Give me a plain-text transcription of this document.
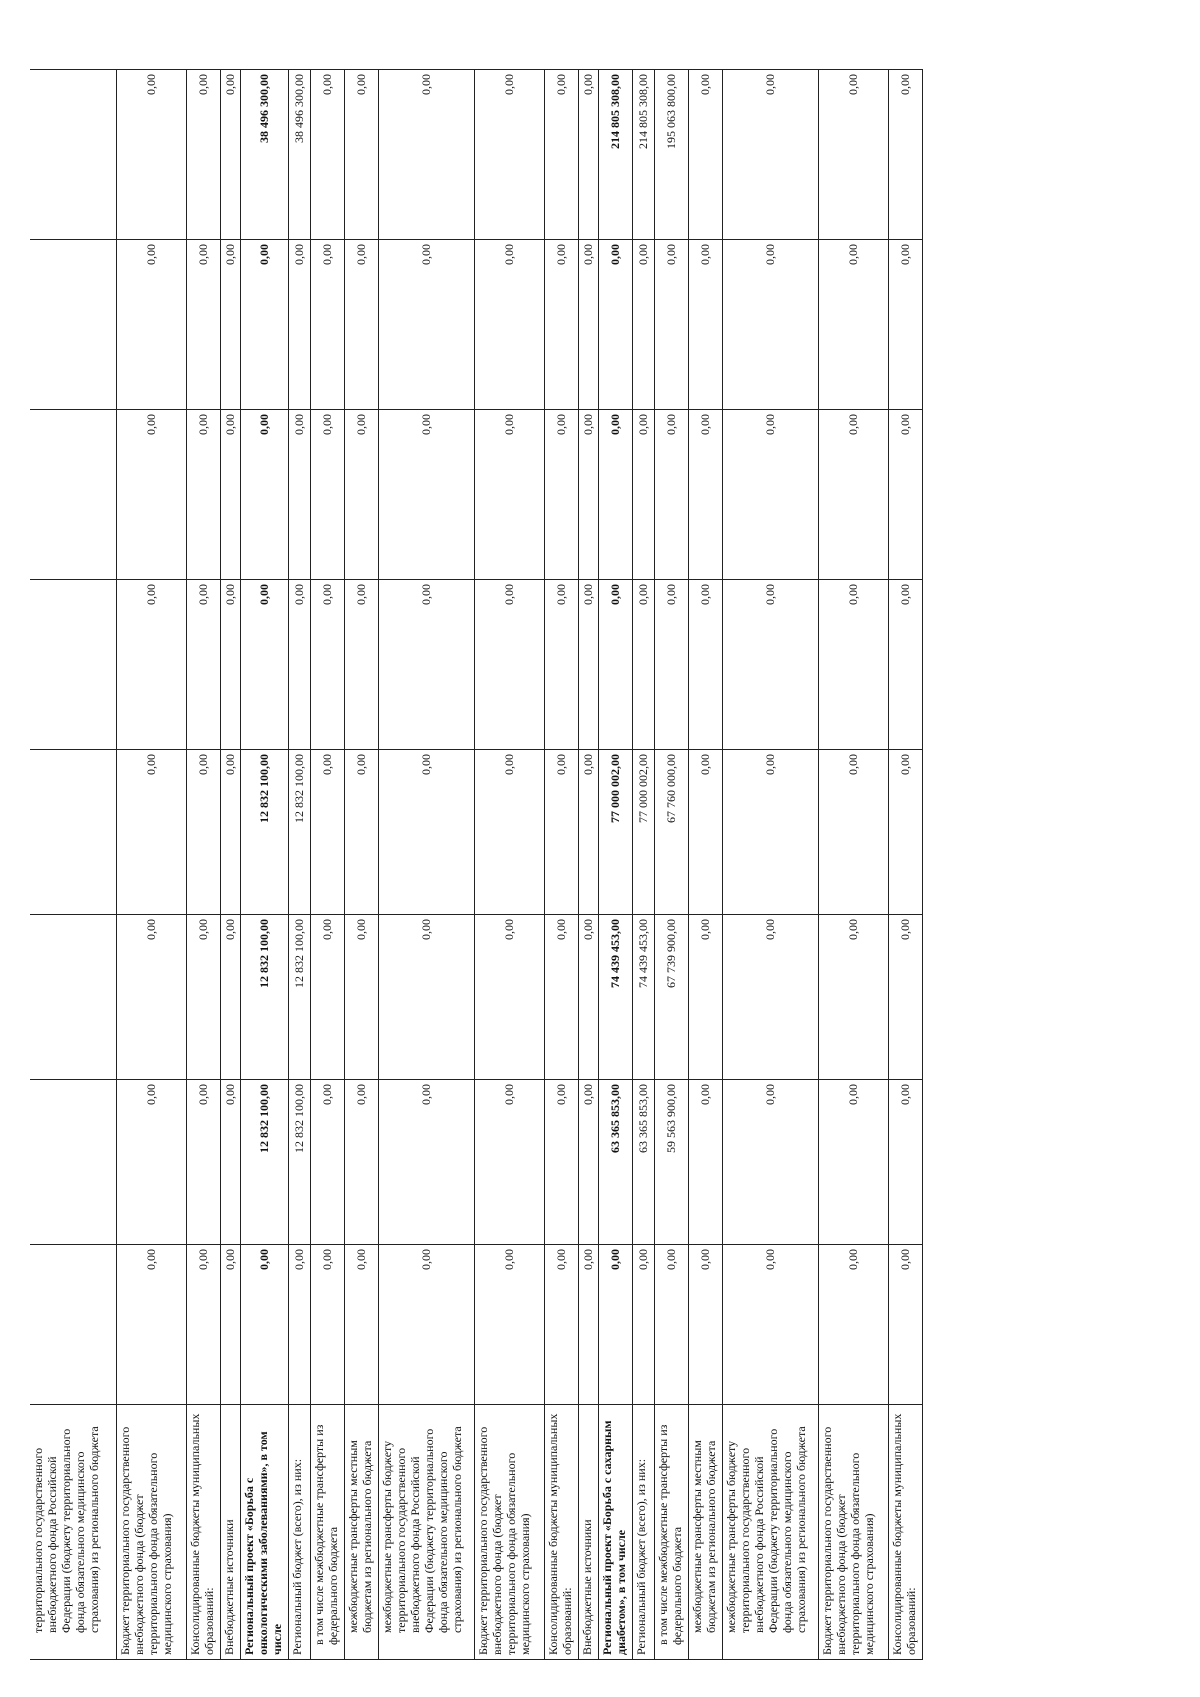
территориального государственного внебюджетного фонда Российской Федерации (бюджету территориального фонда обязательного медицинского страхования) из регионального бюджета								
Бюджет территориального государственного внебюджетного фонда (бюджет территориального фонда обязательного медицинского страхования)	0,00	0,00	0,00	0,00	0,00	0,00	0,00	0,00
Консолидированные бюджеты муниципальных образований:	0,00	0,00	0,00	0,00	0,00	0,00	0,00	0,00
Внебюджетные источники	0,00	0,00	0,00	0,00	0,00	0,00	0,00	0,00
Региональный проект «Борьба с онкологическими заболеваниями», в том числе	0,00	12 832 100,00	12 832 100,00	12 832 100,00	0,00	0,00	0,00	38 496 300,00
Региональный бюджет (всего), из них:	0,00	12 832 100,00	12 832 100,00	12 832 100,00	0,00	0,00	0,00	38 496 300,00
в том числе межбюджетные трансферты из федерального бюджета	0,00	0,00	0,00	0,00	0,00	0,00	0,00	0,00
межбюджетные трансферты местным бюджетам из регионального бюджета	0,00	0,00	0,00	0,00	0,00	0,00	0,00	0,00
межбюджетные трансферты бюджету территориального государственного внебюджетного фонда Российской Федерации (бюджету территориального фонда обязательного медицинского страхования) из регионального бюджета	0,00	0,00	0,00	0,00	0,00	0,00	0,00	0,00
Бюджет территориального государственного внебюджетного фонда (бюджет территориального фонда обязательного медицинского страхования)	0,00	0,00	0,00	0,00	0,00	0,00	0,00	0,00
Консолидированные бюджеты муниципальных образований:	0,00	0,00	0,00	0,00	0,00	0,00	0,00	0,00
Внебюджетные источники	0,00	0,00	0,00	0,00	0,00	0,00	0,00	0,00
Региональный проект «Борьба с сахарным диабетом», в том числе	0,00	63 365 853,00	74 439 453,00	77 000 002,00	0,00	0,00	0,00	214 805 308,00
Региональный бюджет (всего), из них:	0,00	63 365 853,00	74 439 453,00	77 000 002,00	0,00	0,00	0,00	214 805 308,00
в том числе межбюджетные трансферты из федерального бюджета	0,00	59 563 900,00	67 739 900,00	67 760 000,00	0,00	0,00	0,00	195 063 800,00
межбюджетные трансферты местным бюджетам из регионального бюджета	0,00	0,00	0,00	0,00	0,00	0,00	0,00	0,00
межбюджетные трансферты бюджету территориального государственного внебюджетного фонда Российской Федерации (бюджету территориального фонда обязательного медицинского страхования) из регионального бюджета	0,00	0,00	0,00	0,00	0,00	0,00	0,00	0,00
Бюджет территориального государственного внебюджетного фонда (бюджет территориального фонда обязательного медицинского страхования)	0,00	0,00	0,00	0,00	0,00	0,00	0,00	0,00
Консолидированные бюджеты муниципальных образований:	0,00	0,00	0,00	0,00	0,00	0,00	0,00	0,00
